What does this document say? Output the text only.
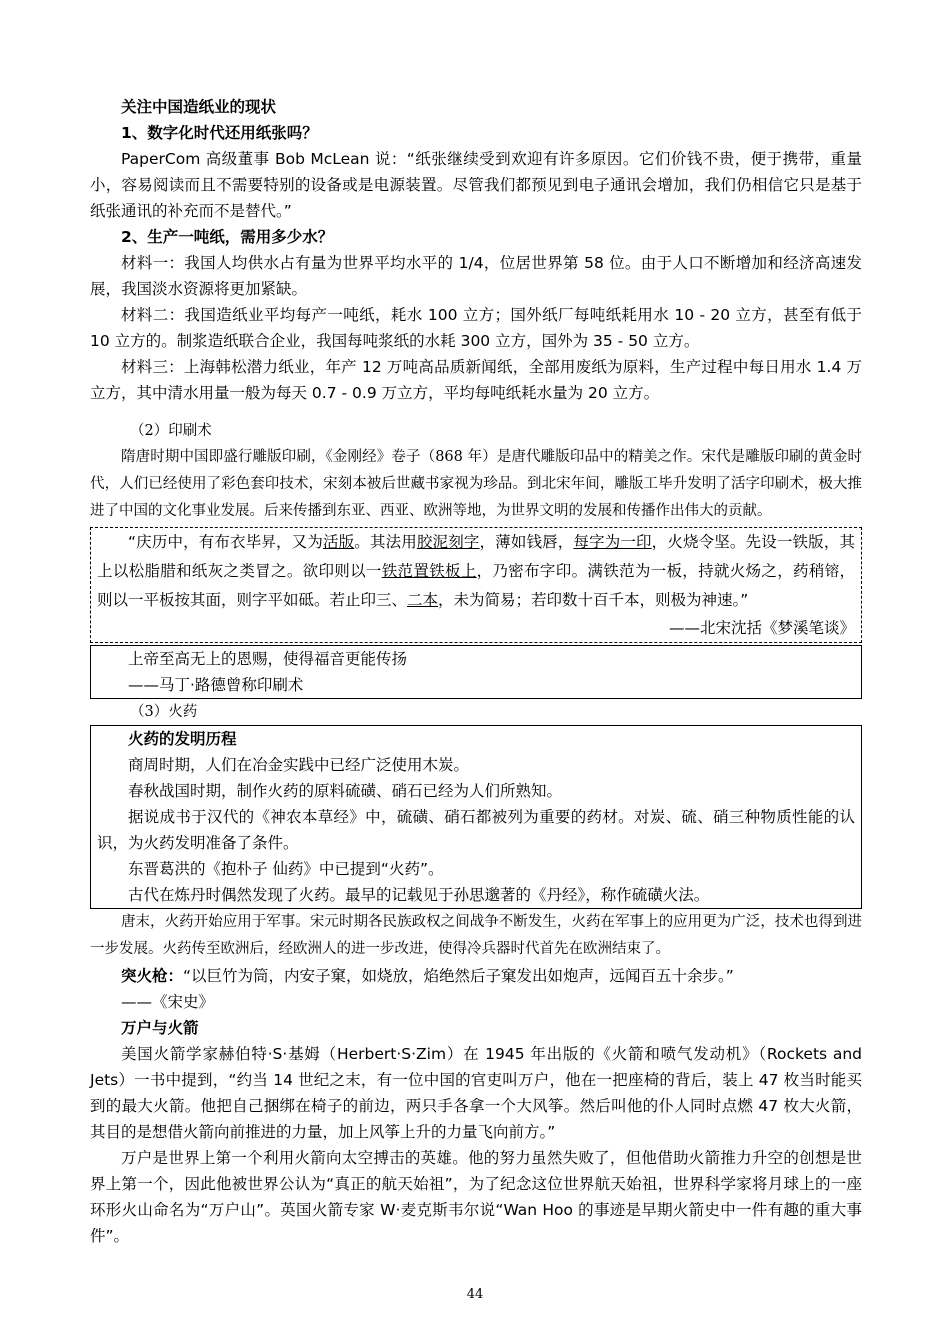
关注中国造纸业的现状

1、数字化时代还用纸张吗？

PaperCom 高级董事 Bob McLean 说：“纸张继续受到欢迎有许多原因。它们价钱不贵，便于携带，重量小，容易阅读而且不需要特别的设备或是电源装置。尽管我们都预见到电子通讯会增加，我们仍相信它只是基于纸张通讯的补充而不是替代。”

2、生产一吨纸，需用多少水？

材料一：我国人均供水占有量为世界平均水平的 1/4，位居世界第 58 位。由于人口不断增加和经济高速发展，我国淡水资源将更加紧缺。

材料二：我国造纸业平均每产一吨纸，耗水 100 立方；国外纸厂每吨纸耗用水 10 - 20 立方，甚至有低于 10 立方的。制浆造纸联合企业，我国每吨浆纸的水耗 300 立方，国外为 35 - 50 立方。

材料三：上海韩松潜力纸业，年产 12 万吨高品质新闻纸，全部用废纸为原料，生产过程中每日用水 1.4 万立方，其中清水用量一般为每天 0.7 - 0.9 万立方，平均每吨纸耗水量为 20 立方。

（2）印刷术

隋唐时期中国即盛行雕版印刷，《金刚经》卷子（868 年）是唐代雕版印品中的精美之作。宋代是雕版印刷的黄金时代，人们已经使用了彩色套印技术，宋刻本被后世藏书家视为珍品。到北宋年间，雕版工毕升发明了活字印刷术，极大推进了中国的文化事业发展。后来传播到东亚、西亚、欧洲等地，为世界文明的发展和传播作出伟大的贡献。

“庆历中，有布衣毕昇，又为活版。其法用胶泥刻字，薄如钱唇，每字为一印，火烧令坚。先设一铁版，其上以松脂腊和纸灰之类冒之。欲印则以一铁范置铁板上，乃密布字印。满铁范为一板，持就火炀之，药稍镕，则以一平板按其面，则字平如砥。若止印三、二本，未为简易；若印数十百千本，则极为神速。”

——北宋沈括《梦溪笔谈》

上帝至高无上的恩赐，使得福音更能传扬

——马丁·路德曾称印刷术

（3）火药

火药的发明历程

商周时期，人们在冶金实践中已经广泛使用木炭。

春秋战国时期，制作火药的原料硫磺、硝石已经为人们所熟知。

据说成书于汉代的《神农本草经》中，硫磺、硝石都被列为重要的药材。对炭、硫、硝三种物质性能的认识，为火药发明准备了条件。

东晋葛洪的《抱朴子 仙药》中已提到“火药”。

古代在炼丹时偶然发现了火药。最早的记载见于孙思邈著的《丹经》，称作硫磺火法。

唐末，火药开始应用于军事。宋元时期各民族政权之间战争不断发生，火药在军事上的应用更为广泛，技术也得到进一步发展。火药传至欧洲后，经欧洲人的进一步改进，使得冷兵器时代首先在欧洲结束了。

突火枪：“以巨竹为筒，内安子窠，如烧放，焰绝然后子窠发出如炮声，远闻百五十余步。”

——《宋史》

万户与火箭

美国火箭学家赫伯特·S·基姆（Herbert·S·Zim）在 1945 年出版的《火箭和喷气发动机》（Rockets and Jets）一书中提到，“约当 14 世纪之末，有一位中国的官吏叫万户，他在一把座椅的背后，装上 47 枚当时能买到的最大火箭。他把自己捆绑在椅子的前边，两只手各拿一个大风筝。然后叫他的仆人同时点燃 47 枚大火箭，其目的是想借火箭向前推进的力量，加上风筝上升的力量飞向前方。”

万户是世界上第一个利用火箭向太空搏击的英雄。他的努力虽然失败了，但他借助火箭推力升空的创想是世界上第一个，因此他被世界公认为“真正的航天始祖”，为了纪念这位世界航天始祖，世界科学家将月球上的一座环形火山命名为“万户山”。英国火箭专家 W·麦克斯韦尔说“Wan Hoo 的事迹是早期火箭史中一件有趣的重大事件”。

44
